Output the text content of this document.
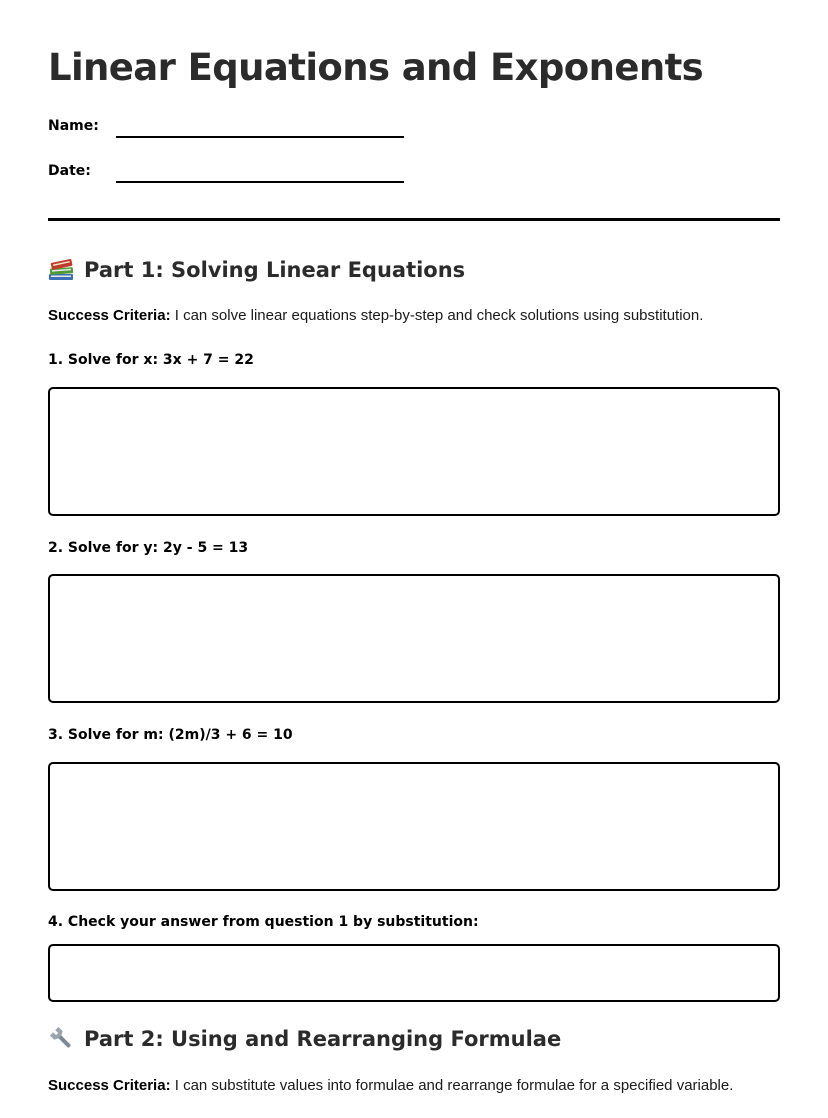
Linear Equations and Exponents
Name:
Date:
Part 1: Solving Linear Equations
Success Criteria: I can solve linear equations step-by-step and check solutions using substitution.
1. Solve for x: 3x + 7 = 22
2. Solve for y: 2y - 5 = 13
3. Solve for m: (2m)/3 + 6 = 10
4. Check your answer from question 1 by substitution:
Part 2: Using and Rearranging Formulae
Success Criteria: I can substitute values into formulae and rearrange formulae for a specified variable.
